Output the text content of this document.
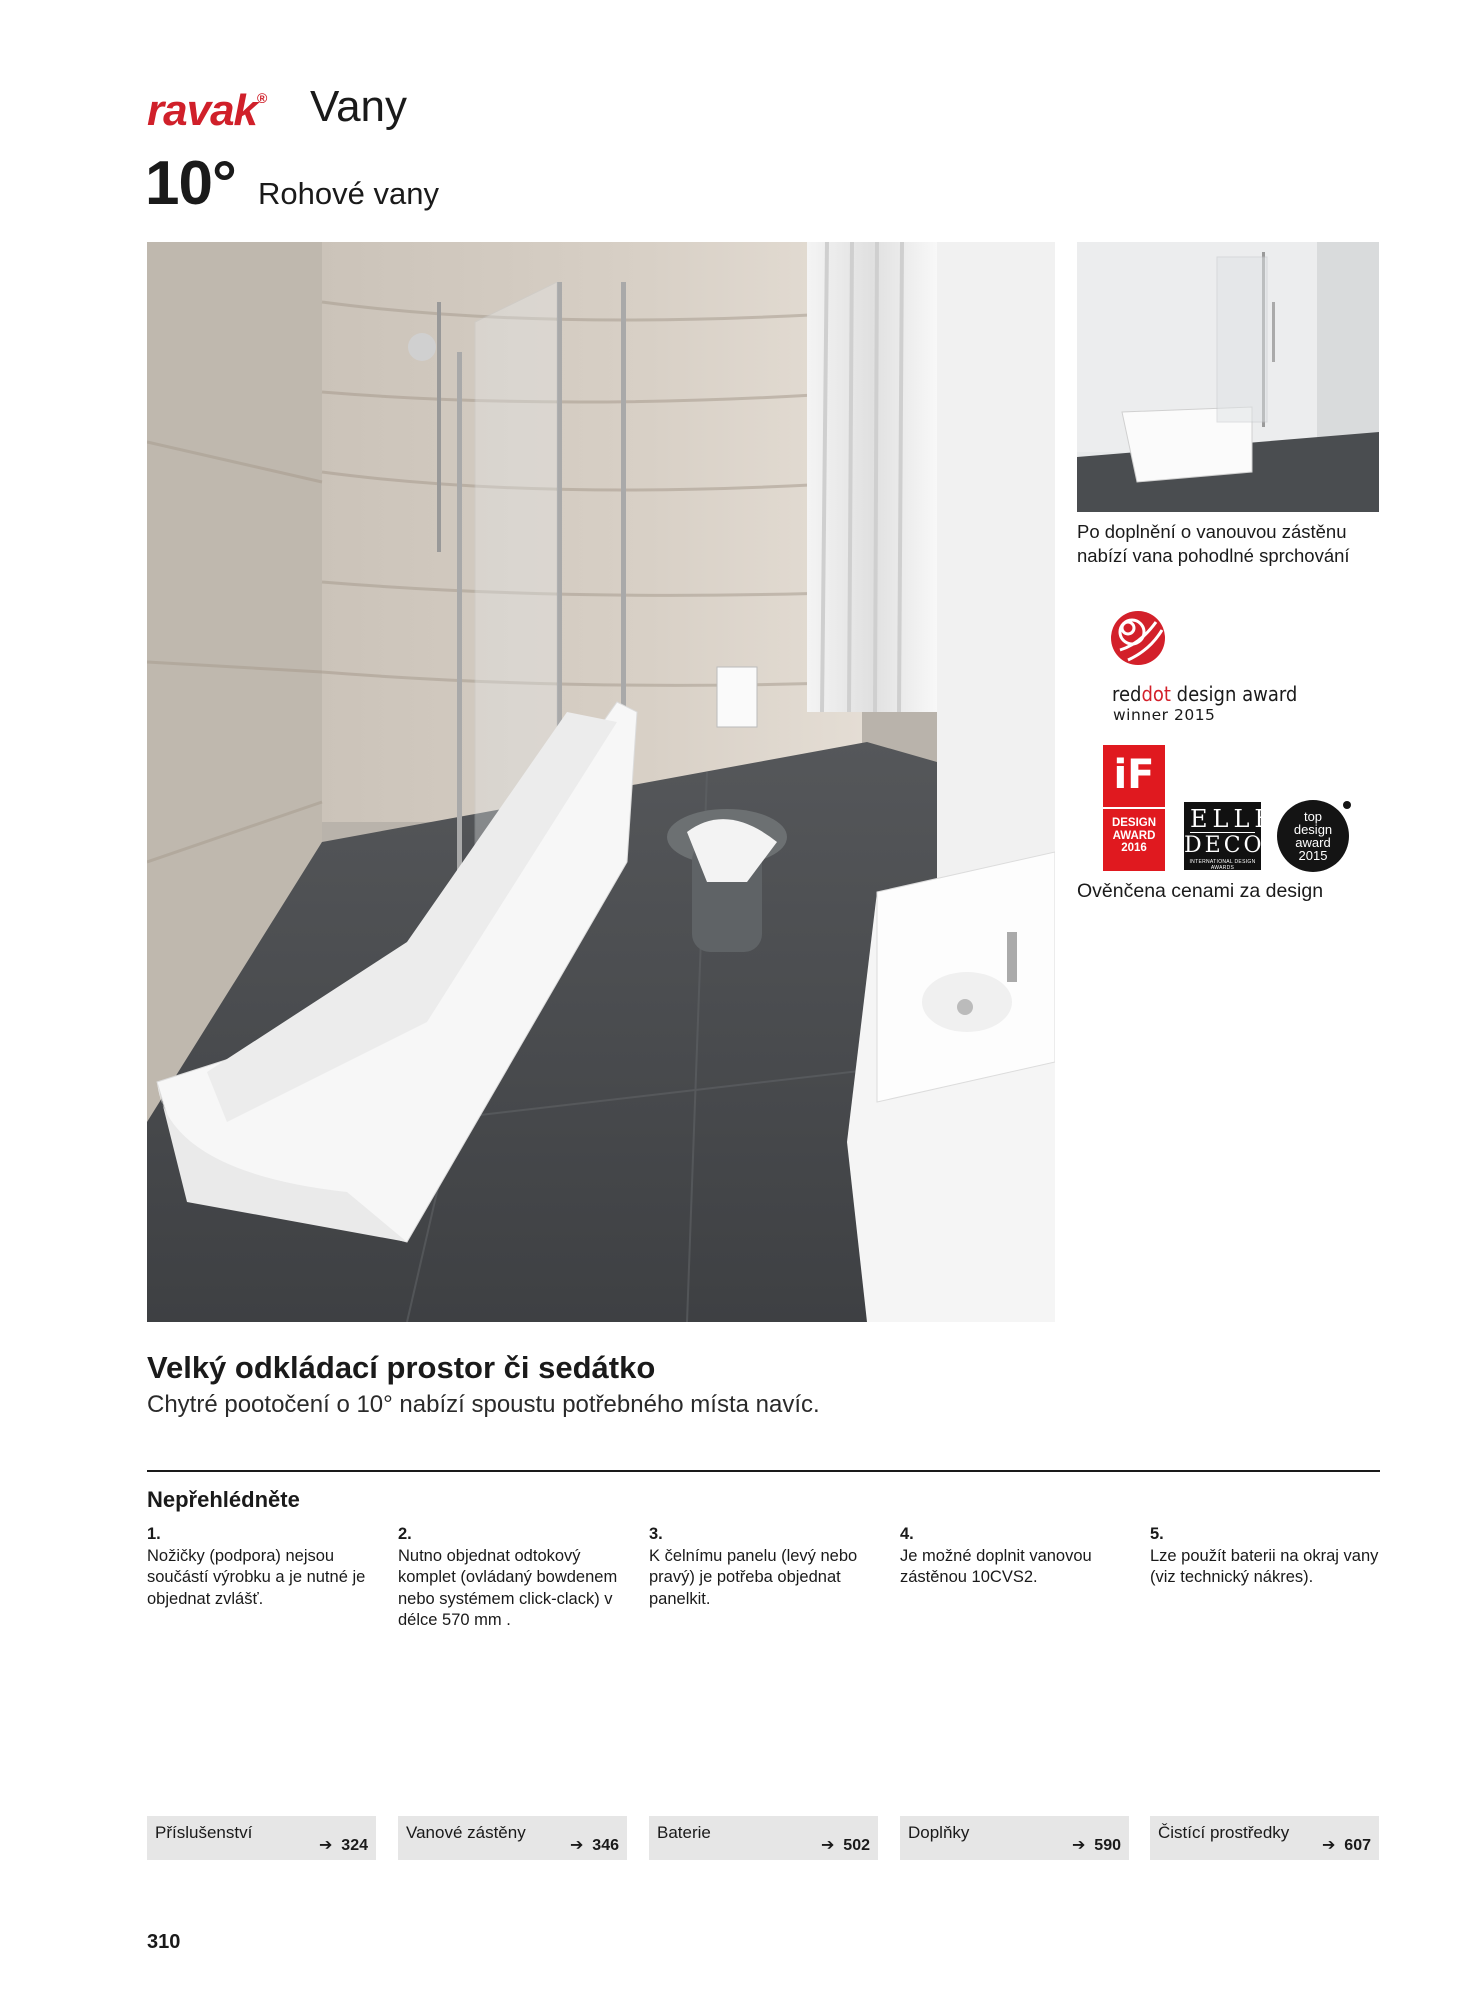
ravak® Vany
10° Rohové vany
Po doplnění o vanouvou zástěnu nabízí vana pohodlné sprchování
reddot design award
winner 2015
iF
DESIGN
AWARD
2016
ELLE
DECO
INTERNATIONAL DESIGN AWARDS
top
design
award
2015
Ověnčena cenami za design
Velký odkládací prostor či sedátko
Chytré pootočení o 10° nabízí spoustu potřebného místa navíc.
Nepřehlédněte
1.
Nožičky (podpora) nejsou součástí výrobku a je nutné je objednat zvlášť.
2.
Nutno objednat odtokový komplet (ovládaný bowdenem nebo systémem click-clack) v délce 570 mm .
3.
K čelnímu panelu (levý nebo pravý) je potřeba objednat panelkit.
4.
Je možné doplnit vanovou zástěnou 10CVS2.
5.
Lze použít baterii na okraj vany (viz technický nákres).
Příslušenství
➔ 324
Vanové zástěny
➔ 346
Baterie
➔ 502
Doplňky
➔ 590
Čistící prostředky
➔ 607
310
